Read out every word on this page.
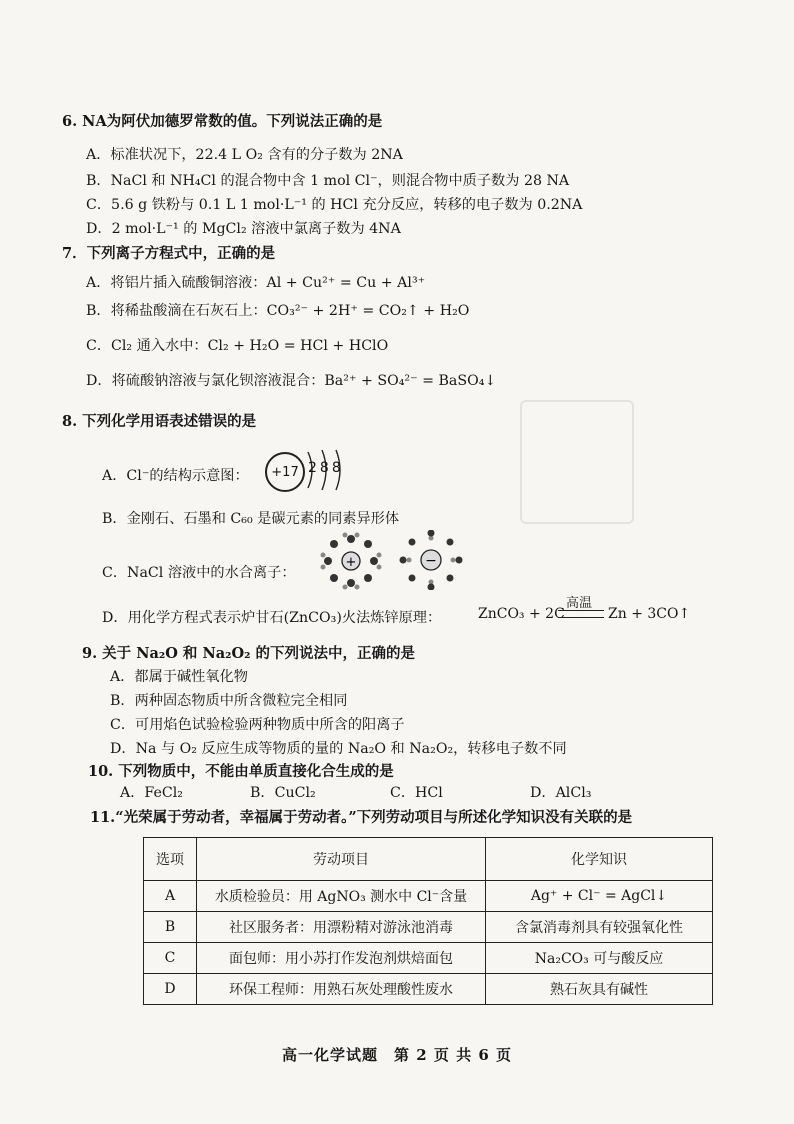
6. NA为阿伏加德罗常数的值。下列说法正确的是
A．标准状况下，22.4 L O₂ 含有的分子数为 2NA
B．NaCl 和 NH₄Cl 的混合物中含 1 mol Cl⁻，则混合物中质子数为 28 NA
C．5.6 g 铁粉与 0.1 L 1 mol·L⁻¹ 的 HCl 充分反应，转移的电子数为 0.2NA
D．2 mol·L⁻¹ 的 MgCl₂ 溶液中氯离子数为 4NA
7．下列离子方程式中，正确的是
A．将铝片插入硫酸铜溶液：Al + Cu²⁺ = Cu + Al³⁺
B．将稀盐酸滴在石灰石上：CO₃²⁻ + 2H⁺ = CO₂↑ + H₂O
C．Cl₂ 通入水中：Cl₂ + H₂O = HCl + HClO
D．将硫酸钠溶液与氯化钡溶液混合：Ba²⁺ + SO₄²⁻ = BaSO₄↓
8. 下列化学用语表述错误的是
A．Cl⁻的结构示意图： +17 288
B．金刚石、石墨和 C₆₀ 是碳元素的同素异形体
C．NaCl 溶液中的水合离子：
+	−
D．用化学方程式表示炉甘石(ZnCO₃)火法炼锌原理：	ZnCO₃ + 2C
高温
Zn + 3CO↑
9. 关于 Na₂O 和 Na₂O₂ 的下列说法中，正确的是
A．都属于碱性氧化物
B．两种固态物质中所含微粒完全相同
C．可用焰色试验检验两种物质中所含的阳离子
D．Na 与 O₂ 反应生成等物质的量的 Na₂O 和 Na₂O₂，转移电子数不同
10. 下列物质中，不能由单质直接化合生成的是
A．FeCl₂	B．CuCl₂	C．HCl	D．AlCl₃
11.“光荣属于劳动者，幸福属于劳动者。”下列劳动项目与所述化学知识没有关联的是
选项	劳动项目	化学知识
A	水质检验员：用 AgNO₃ 测水中 Cl⁻含量	Ag⁺ + Cl⁻ = AgCl↓
B	社区服务者：用漂粉精对游泳池消毒	含氯消毒剂具有较强氧化性
C	面包师：用小苏打作发泡剂烘焙面包	Na₂CO₃ 可与酸反应
D	环保工程师：用熟石灰处理酸性废水	熟石灰具有碱性
高一化学试题　第 2 页 共 6 页
